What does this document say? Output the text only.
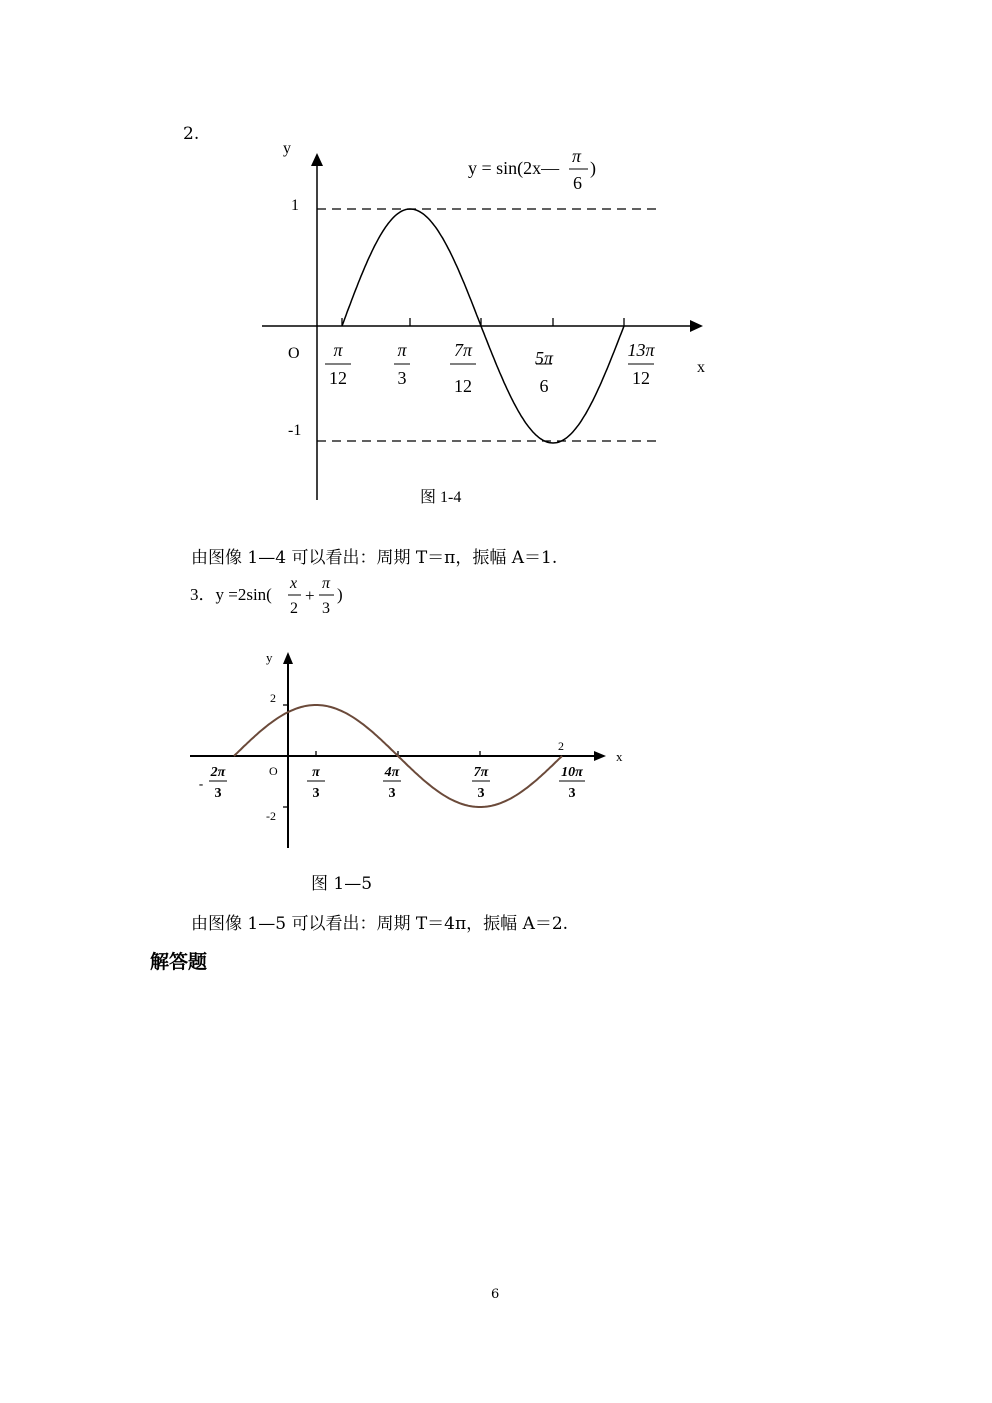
2.
y
x
O
1
-1
π
12
π
3
7π
12
5π
6
13π
12
y = sin(2x—
π
6
)
图 1-4
由图像 1—4 可以看出：周期 T＝π，振幅 A＝1.
3．y =2sin(
x
2
+
π
3
)
y
x
O
2
-2
2
-
2π
3
π
3
4π
3
7π
3
10π
3
图 1—5
由图像 1—5 可以看出：周期 T＝4π，振幅 A＝2.
解答题
6
